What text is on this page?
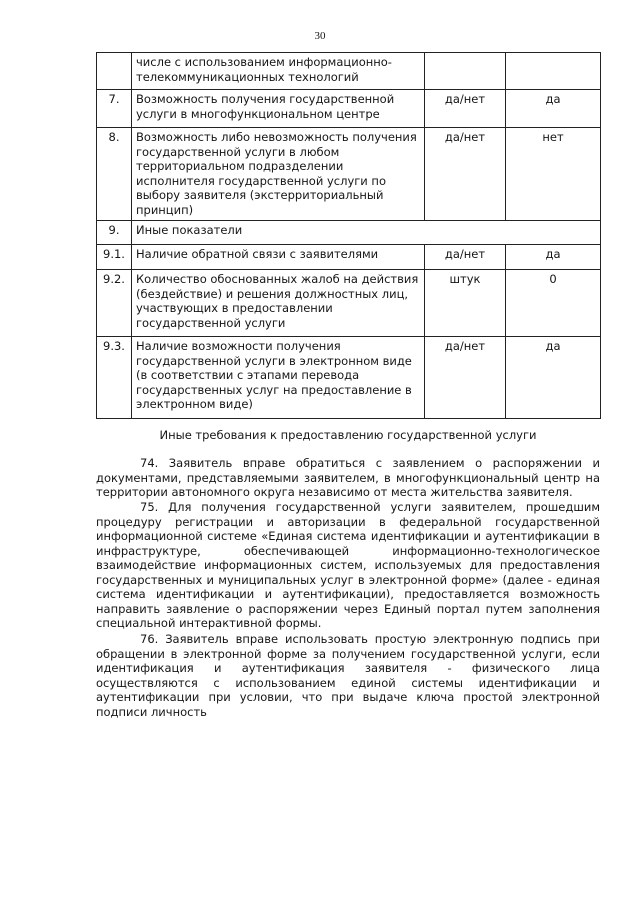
30
	числе с использованием информационно-телекоммуникационных технологий		
7.	Возможность получения государственной услуги в многофункциональном центре	да/нет	да
8.	Возможность либо невозможность получения государственной услуги в любом территориальном подразделении исполнителя государственной услуги по выбору заявителя (экстерриториальный принцип)	да/нет	нет
9.	Иные показатели		
9.1.	Наличие обратной связи с заявителями	да/нет	да
9.2.	Количество обоснованных жалоб на действия (бездействие) и решения должностных лиц, участвующих в предоставлении государственной услуги	штук	0
9.3.	Наличие возможности получения государственной услуги в электронном виде (в соответствии с этапами перевода государственных услуг на предоставление в электронном виде)	да/нет	да
Иные требования к предоставлению государственной услуги

74. Заявитель вправе обратиться с заявлением о распоряжении и документами, представляемыми заявителем, в многофункциональный центр на территории автономного округа независимо от места жительства заявителя.

75. Для получения государственной услуги заявителем, прошедшим процедуру регистрации и авторизации в федеральной государственной информационной системе «Единая система идентификации и аутентификации в инфраструктуре, обеспечивающей информационно-технологическое взаимодействие информационных систем, используемых для предоставления государственных и муниципальных услуг в электронной форме» (далее - единая система идентификации и аутентификации), предоставляется возможность направить заявление о распоряжении через Единый портал путем заполнения специальной интерактивной формы.

76. Заявитель вправе использовать простую электронную подпись при обращении в электронной форме за получением государственной услуги, если идентификация и аутентификация заявителя - физического лица осуществляются с использованием единой системы идентификации и аутентификации при условии, что при выдаче ключа простой электронной подписи личность
